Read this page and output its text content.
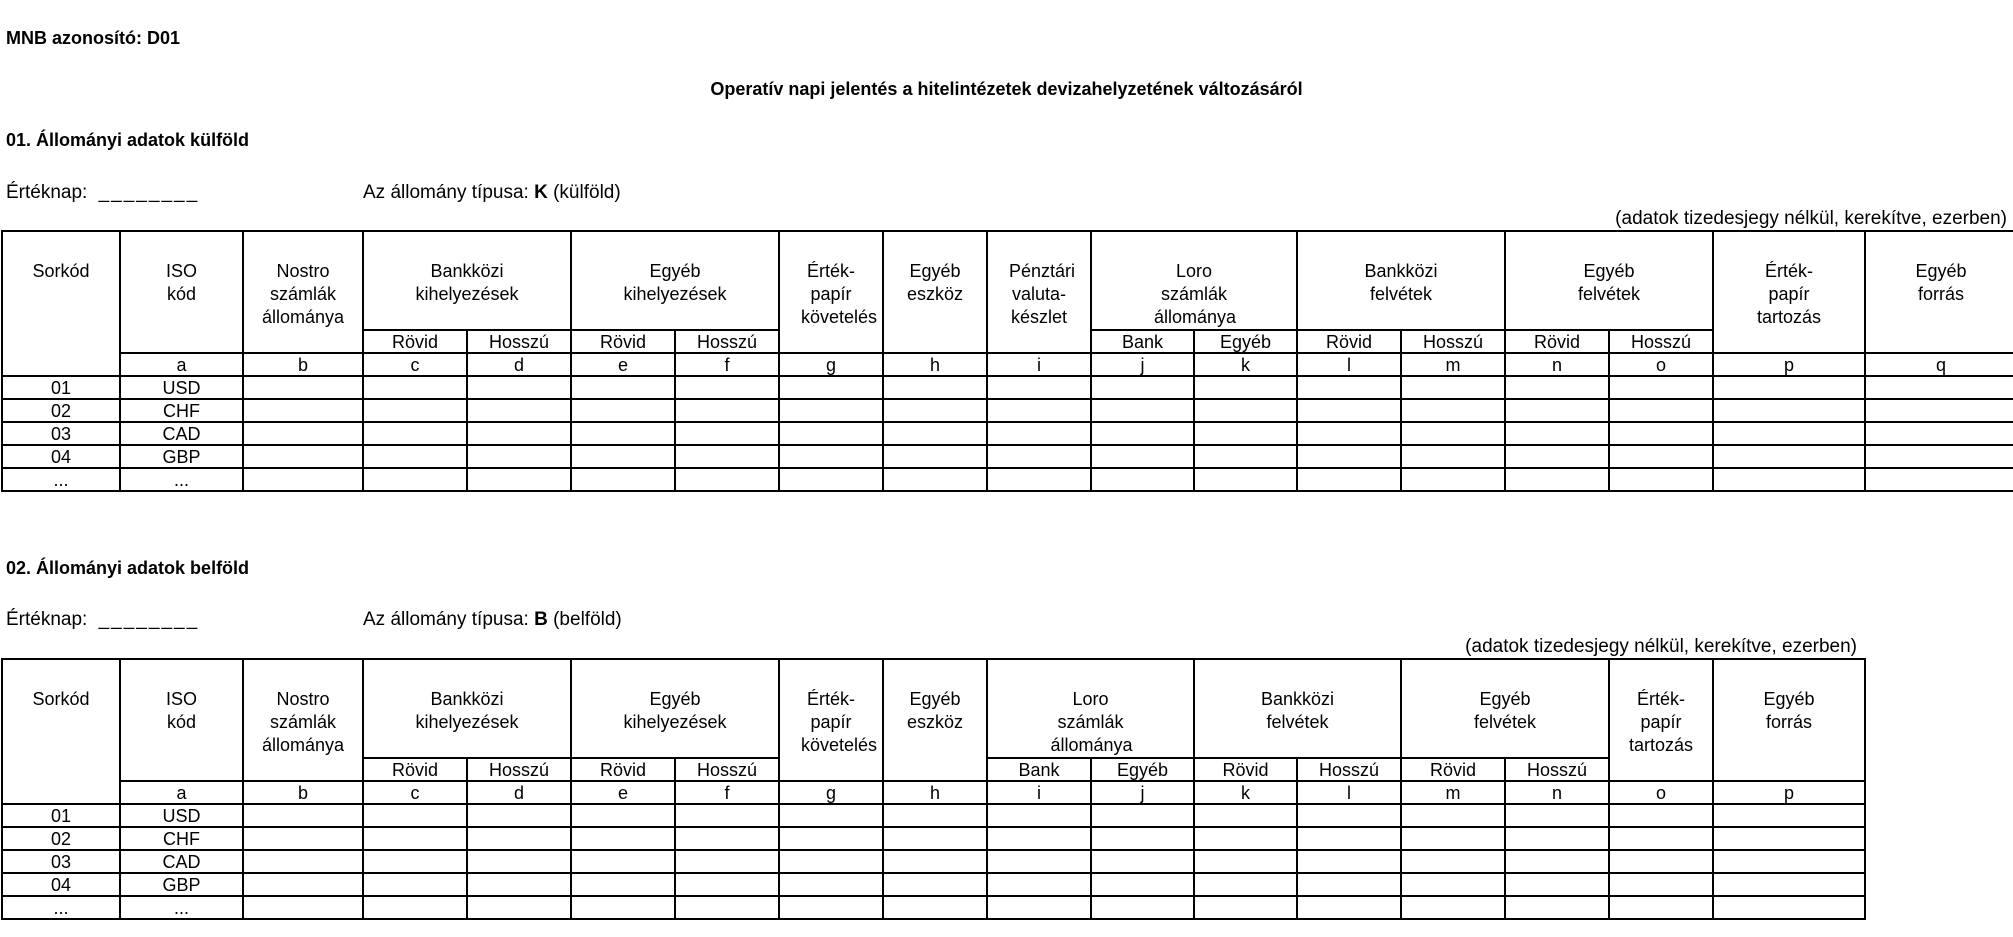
MNB azonosító: D01
Operatív napi jelentés a hitelintézetek devizahelyzetének változásáról
01. Állományi adatok külföld
Értéknap: ________	Az állomány típusa: K (külföld)
(adatok tizedesjegy nélkül, kerekítve, ezerben)
Sorkód	ISO kód	Nostro számlák állománya	Bankközi kihelyezések		Egyéb kihelyezések		Érték-papír követelés	Egyéb eszköz	Pénztári valuta-készlet	Loro számlák állománya		Bankközi felvétek		Egyéb felvétek		Érték-papír tartozás	Egyéb forrás

			Rövid	Hosszú	Rövid	Hosszú				Bank	Egyéb	Rövid	Hosszú	Rövid	Hosszú		
	a	b	c	d	e	f	g	h	i	j	k	l	m	n	o	p	q
01	USD																
02	CHF																
03	CAD																
04	GBP																
...	...																
02. Állományi adatok belföld
Értéknap: ________	Az állomány típusa: B (belföld)
(adatok tizedesjegy nélkül, kerekítve, ezerben)
Sorkód	ISO kód	Nostro számlák állománya	Bankközi kihelyezések		Egyéb kihelyezések		Érték-papír követelés	Egyéb eszköz	Loro számlák állománya		Bankközi felvétek		Egyéb felvétek		Érték-papír tartozás	Egyéb forrás

			Rövid	Hosszú	Rövid	Hosszú			Bank	Egyéb	Rövid	Hosszú	Rövid	Hosszú		
	a	b	c	d	e	f	g	h	i	j	k	l	m	n	o	p
01	USD															
02	CHF															
03	CAD															
04	GBP															
...	...															
